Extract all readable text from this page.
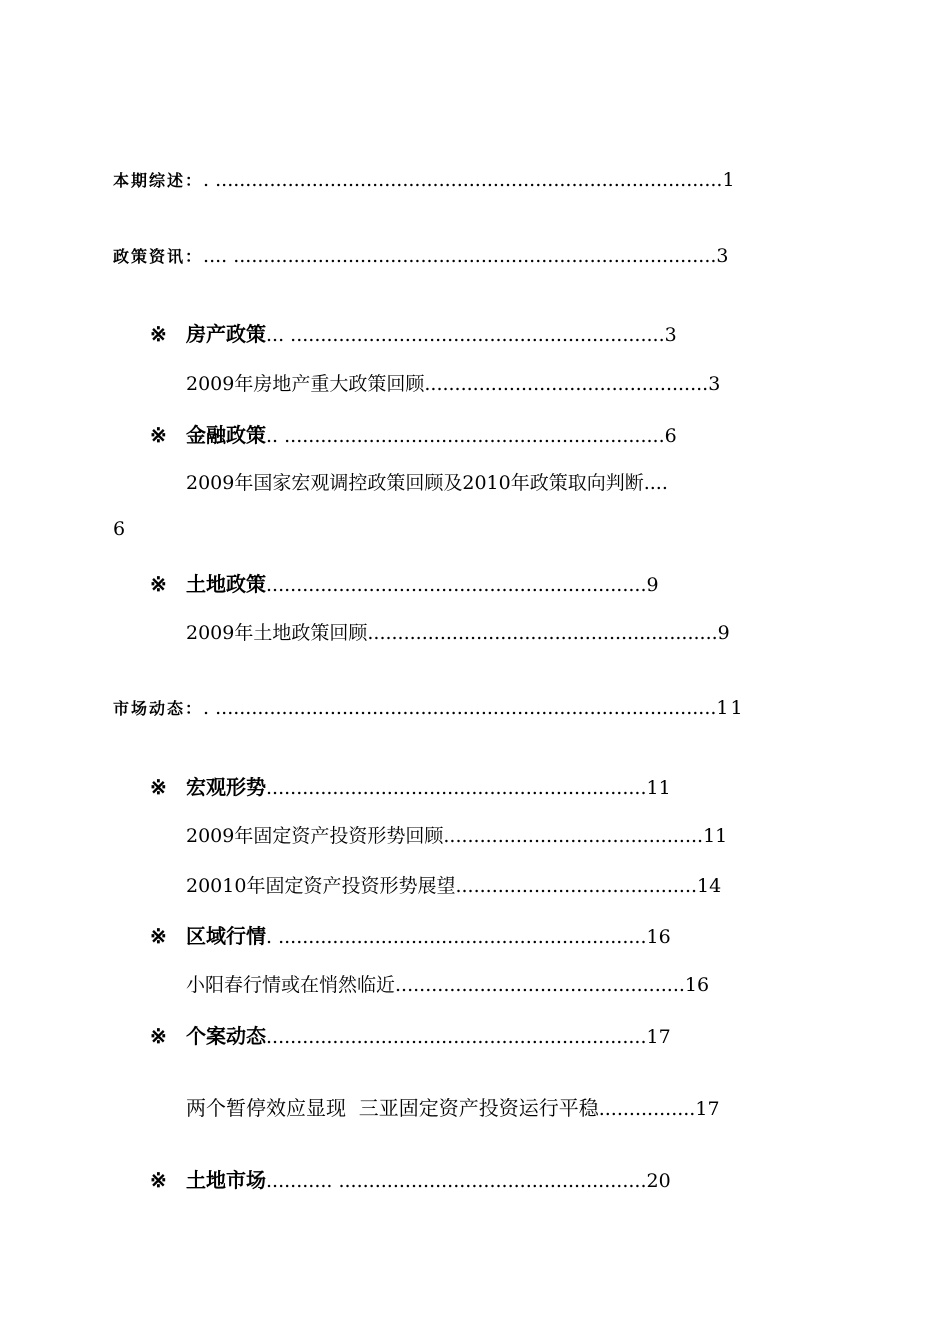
本期综述：. ....................................................................................1
政策资讯：.... ................................................................................3
※ 房产政策... ..............................................................3
2009年房地产重大政策回顾...............................................3
※ 金融政策.. ...............................................................6
2009年国家宏观调控政策回顾及2010年政策取向判断....
6
※ 土地政策...............................................................9
2009年土地政策回顾..........................................................9
市场动态：. ...................................................................................11
※ 宏观形势...............................................................11
2009年固定资产投资形势回顾...........................................11
20010年固定资产投资形势展望........................................14
※ 区域行情. .............................................................16
小阳春行情或在悄然临近................................................16
※ 个案动态...............................................................17
两个暂停效应显现  三亚固定资产投资运行平稳................17
※ 土地市场........... ...................................................20
